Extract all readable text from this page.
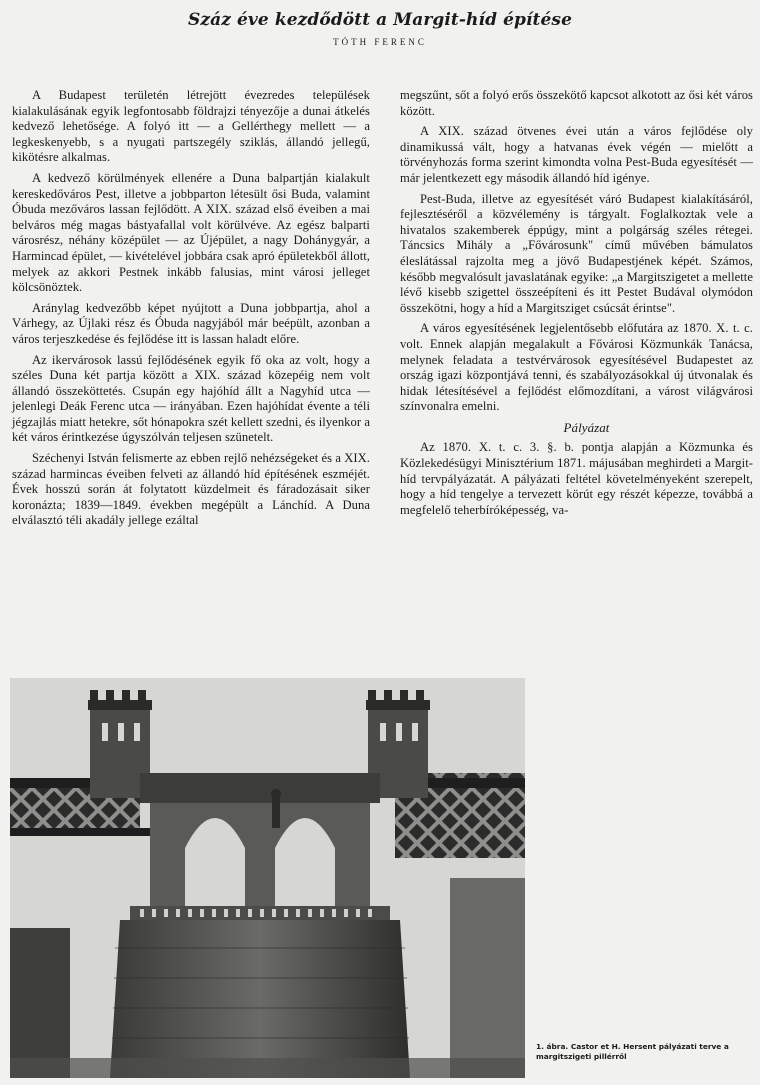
Száz éve kezdődött a Margit-híd építése

TÓTH FERENC

A Budapest területén létrejött évezredes települések kialakulásának egyik legfontosabb földrajzi tényezője a dunai átkelés kedvező lehetősége. A folyó itt — a Gellérthegy mellett — a legkeskenyebb, s a nyugati partszegély sziklás, állandó jellegű, kikötésre alkalmas.

A kedvező körülmények ellenére a Duna balpartján kialakult kereskedőváros Pest, illetve a jobbparton létesült ősi Buda, valamint Óbuda mezőváros lassan fejlődött. A XIX. század első éveiben a mai belváros még magas bástyafallal volt körülvéve. Az egész balparti városrész, néhány középület — az Újépület, a nagy Dohánygyár, a Harmincad épület, — kivételével jobbára csak apró épületekből állott, melyek az akkori Pestnek inkább falusias, mint városi jelleget kölcsönöztek.

Aránylag kedvezőbb képet nyújtott a Duna jobbpartja, ahol a Várhegy, az Újlaki rész és Óbuda nagyjából már beépült, azonban a város terjeszkedése és fejlődése itt is lassan haladt előre.

Az ikervárosok lassú fejlődésének egyik fő oka az volt, hogy a széles Duna két partja között a XIX. század közepéig nem volt állandó összeköttetés. Csupán egy hajóhíd állt a Nagyhíd utca — jelenlegi Deák Ferenc utca — irányában. Ezen hajóhídat évente a téli jégzajlás miatt hetekre, sőt hónapokra szét kellett szedni, és ilyenkor a két város érintkezése úgyszólván teljesen szünetelt.

Széchenyi István felismerte az ebben rejlő nehézségeket és a XIX. század harmincas éveiben felveti az állandó híd építésének eszméjét. Évek hosszú során át folytatott küzdelmeit és fáradozásait siker koronázta; 1839—1849. években megépült a Lánchíd. A Duna elválasztó téli akadály jellege ezáltal

megszűnt, sőt a folyó erős összekötő kapcsot alkotott az ősi két város között.

A XIX. század ötvenes évei után a város fejlődése oly dinamikussá vált, hogy a hatvanas évek végén — mielőtt a törvényhozás forma szerint kimondta volna Pest-Buda egyesítését — már jelentkezett egy második állandó híd igénye.

Pest-Buda, illetve az egyesítését váró Budapest kialakításáról, fejlesztéséről a közvélemény is tárgyalt. Foglalkoztak vele a hivatalos szakemberek éppúgy, mint a polgárság széles rétegei. Táncsics Mihály a „Fővárosunk" című művében bámulatos éleslátással rajzolta meg a jövő Budapestjének képét. Számos, később megvalósult javaslatának egyike: „a Margitszigetet a mellette lévő kisebb szigettel összeépíteni és itt Pestet Budával olymódon összekötni, hogy a híd a Margitsziget csúcsát érintse".

A város egyesítésének legjelentősebb előfutára az 1870. X. t. c. volt. Ennek alapján megalakult a Fővárosi Közmunkák Tanácsa, melynek feladata a testvérvárosok egyesítésével Budapestet az ország igazi központjává tenni, és szabályozásokkal új útvonalak és hidak létesítésével a fejlődést előmozdítani, a várost világvárosi színvonalra emelni.

Pályázat

Az 1870. X. t. c. 3. §. b. pontja alapján a Közmunka és Közlekedésügyi Minisztérium 1871. májusában meghirdeti a Margit-híd tervpályázatát. A pályázati feltétel követelményeként szerepelt, hogy a híd tengelye a tervezett körút egy részét képezze, továbbá a megfelelő teherbíróképesség, va-

1. ábra. Castor et H. Hersent pályázati terve a margitszigeti pillérről
